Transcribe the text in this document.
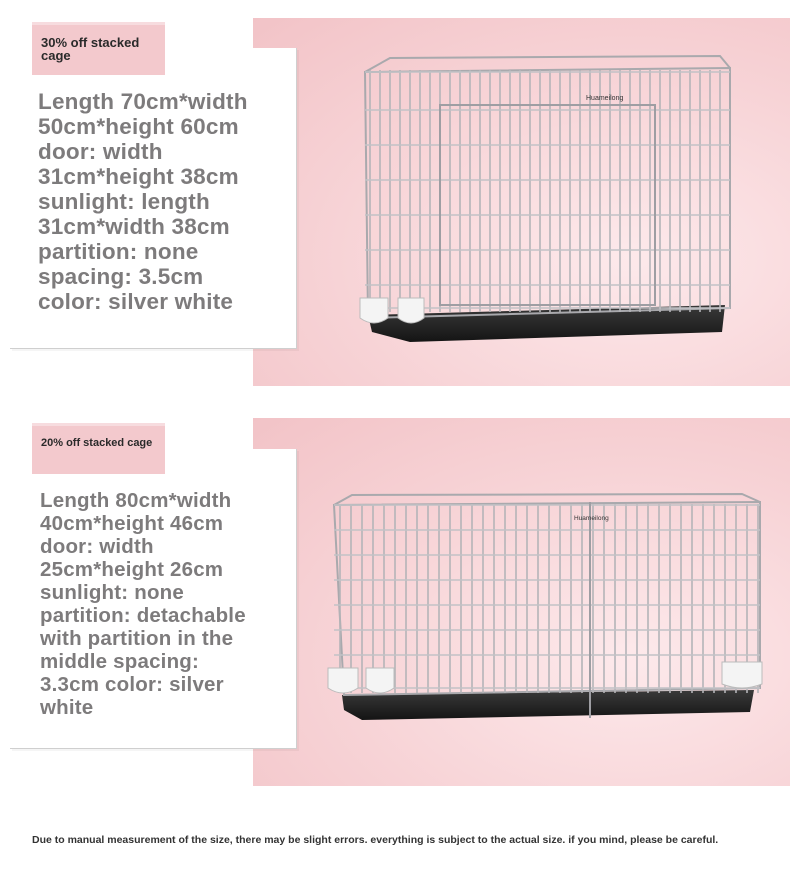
30% off stacked cage
Length 70cm*width
50cm*height 60cm
door: width
31cm*height 38cm
sunlight: length
31cm*width 38cm
partition: none
spacing: 3.5cm
color: silver white
Huameilong
20% off stacked cage
Length 80cm*width
40cm*height 46cm
door: width
25cm*height 26cm
sunlight: none
partition: detachable
with partition in the
middle spacing:
3.3cm color: silver
white
Huameilong
Due to manual measurement of the size, there may be slight errors. everything is subject to the actual size. if you mind, please be careful.
